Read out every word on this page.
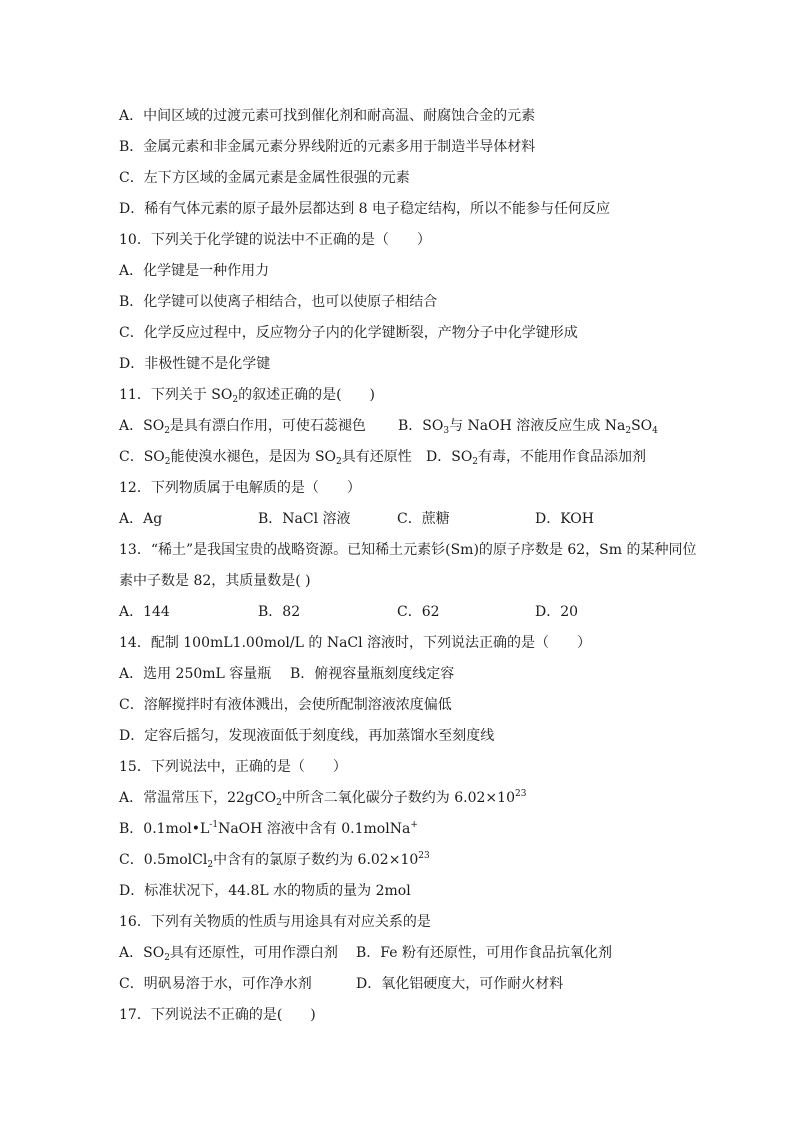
A．中间区域的过渡元素可找到催化剂和耐高温、耐腐蚀合金的元素
B．金属元素和非金属元素分界线附近的元素多用于制造半导体材料
C．左下方区域的金属元素是金属性很强的元素
D．稀有气体元素的原子最外层都达到 8 电子稳定结构，所以不能参与任何反应
10．下列关于化学键的说法中不正确的是（　　）
A．化学键是一种作用力
B．化学键可以使离子相结合，也可以使原子相结合
C．化学反应过程中，反应物分子内的化学键断裂，产物分子中化学键形成
D．非极性键不是化学键
11．下列关于 $SO_2$的叙述正确的是(　　)
A．$SO_2$是具有漂白作用，可使石蕊褪色 B．$SO_3$与 NaOH 溶液反应生成 $Na_2SO_4$
C．$SO_2$能使溴水褪色，是因为 $SO_2$具有还原性 D．$SO_2$有毒，不能用作食品添加剂
12．下列物质属于电解质的是（　　）
A．Ag	B．NaCl 溶液	C．蔗糖	D．KOH
13．“稀土”是我国宝贵的战略资源。已知稀土元素钐(Sm)的原子序数是 62，Sm 的某种同位
素中子数是 82，其质量数是( )
A．144	B．82	C．62	D．20
14．配制 100mL1.00mol/L 的 NaCl 溶液时，下列说法正确的是（　　）
A．选用 250mL 容量瓶 B．俯视容量瓶刻度线定容
C．溶解搅拌时有液体溅出，会使所配制溶液浓度偏低
D．定容后摇匀，发现液面低于刻度线，再加蒸馏水至刻度线
15．下列说法中，正确的是（　　）
A．常温常压下，22gCO$_2$中所含二氧化碳分子数约为 $6.02\times 10^{23}$
B．$0.1mol•L^{-1}NaOH$ 溶液中含有 0.1molNa+
C．0.5molCl$_2$中含有的氯原子数约为 $6.02\times 10^{23}$
D．标准状况下，44.8L 水的物质的量为 2mol
16．下列有关物质的性质与用途具有对应关系的是
A．$SO_2$具有还原性，可用作漂白剂 B．Fe 粉有还原性，可用作食品抗氧化剂
C．明矾易溶于水，可作净水剂	D．氧化铝硬度大，可作耐火材料
17．下列说法不正确的是(　　)
